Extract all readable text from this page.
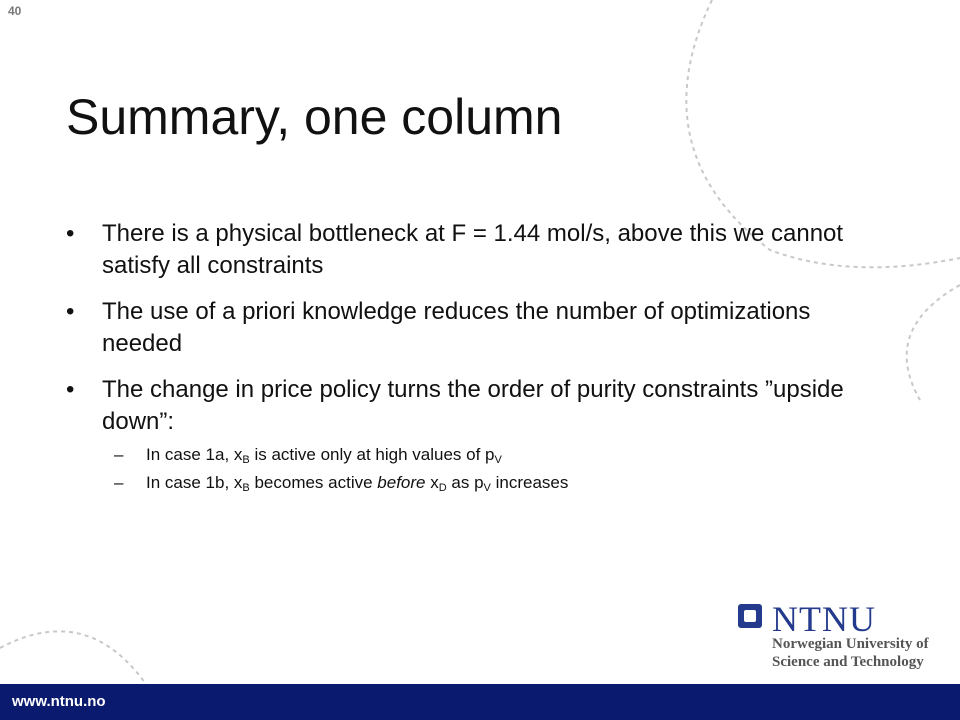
40
Summary, one column
• There is a physical bottleneck at F = 1.44 mol/s, above this we cannot satisfy all constraints
• The use of a priori knowledge reduces the number of optimizations needed
• The change in price policy turns the order of purity constraints ”upside down”:
– In case 1a, $x_B$ is active only at high values of $p_V$
– In case 1b, $x_B$ becomes active before $x_D$ as $p_V$ increases
NTNU
Norwegian University of
Science and Technology
www.ntnu.no
